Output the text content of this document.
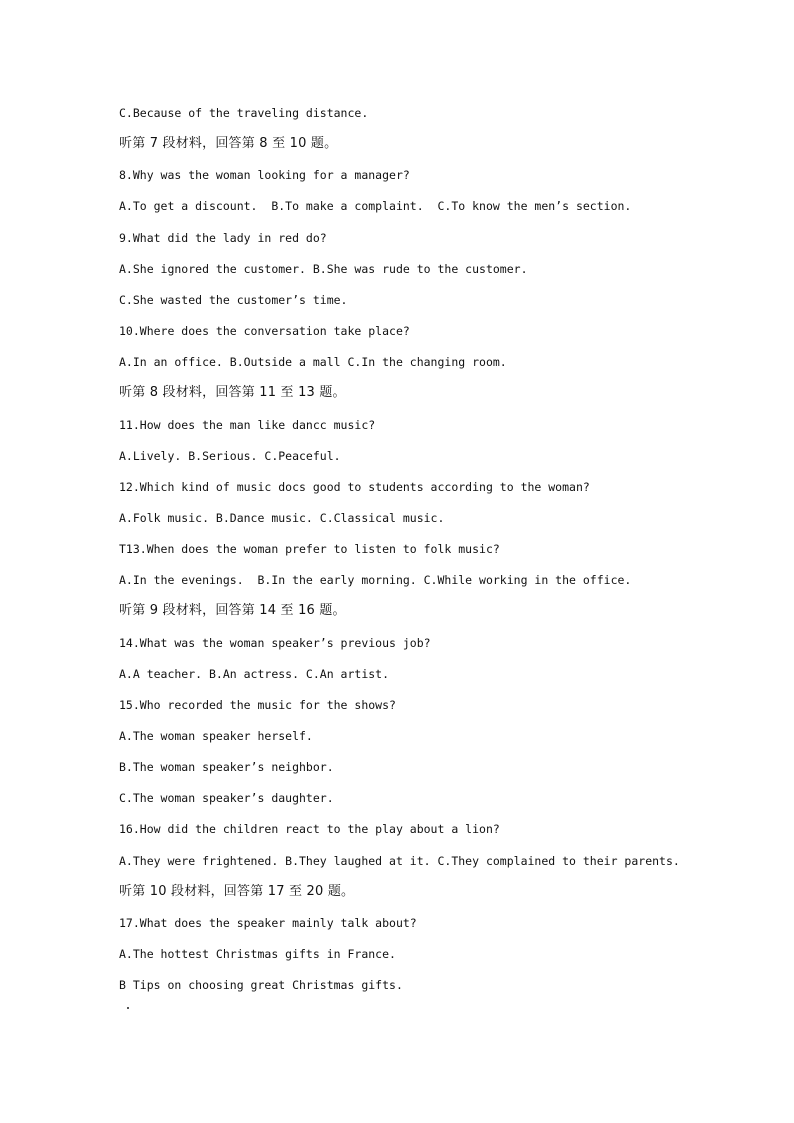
C.Because of the traveling distance.
听第 7 段材料，回答第 8 至 10 题。
8.Why was the woman looking for a manager?
A.To get a discount.  B.To make a complaint.  C.To know the men’s section.
9.What did the lady in red do?
A.She ignored the customer. B.She was rude to the customer.
C.She wasted the customer’s time.
10.Where does the conversation take place?
A.In an office. B.Outside a mall C.In the changing room.
听第 8 段材料，回答第 11 至 13 题。
11.How does the man like dancc music?
A.Lively. B.Serious. C.Peaceful.
12.Which kind of music docs good to students according to the woman?
A.Folk music. B.Dance music. C.Classical music.
T13.When does the woman prefer to listen to folk music?
A.In the evenings.  B.In the early morning. C.While working in the office.
听第 9 段材料，回答第 14 至 16 题。
14.What was the woman speaker’s previous job?
A.A teacher. B.An actress. C.An artist.
15.Who recorded the music for the shows?
A.The woman speaker herself.
B.The woman speaker’s neighbor.
C.The woman speaker’s daughter.
16.How did the children react to the play about a lion?
A.They were frightened. B.They laughed at it. C.They complained to their parents.
听第 10 段材料，回答第 17 至 20 题。
17.What does the speaker mainly talk about?
A.The hottest Christmas gifts in France.
B Tips on choosing great Christmas gifts.
